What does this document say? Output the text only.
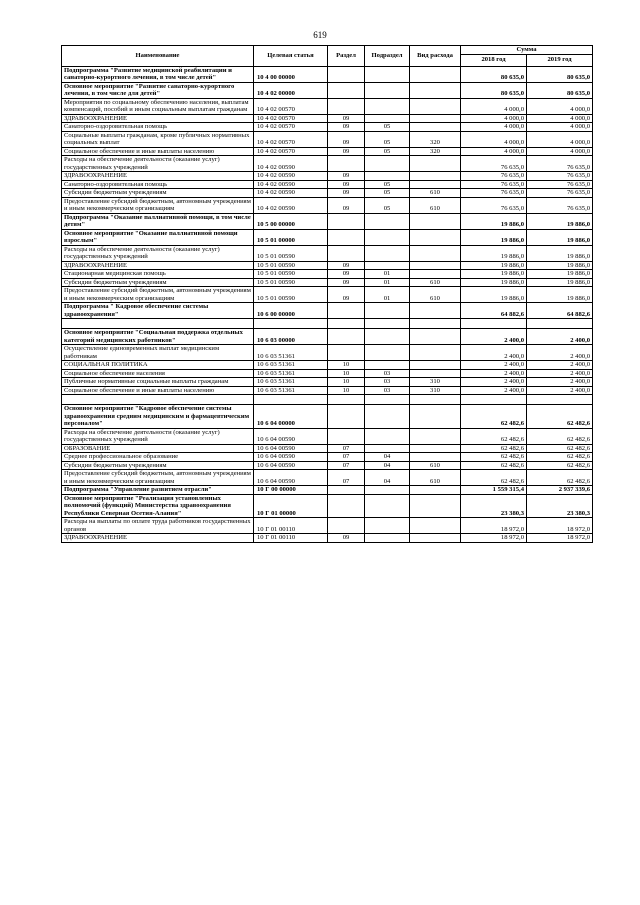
619
Наименование	Целевая статья	Раздел	Подраздел	Вид расхода	Сумма	
					2018 год	2019 год
Подпрограмма "Развитие медицинской реабилитации и санаторно-курортного лечения, в том числе детей"	10 4 00 00000				80 635,0	80 635,0
Основное мероприятие "Развитие санаторно-курортного лечения, в том числе для детей"	10 4 02 00000				80 635,0	80 635,0
Мероприятия по социальному обеспечению населения, выплатам компенсаций, пособий и иным социальным выплатам гражданам	10 4 02 00570				4 000,0	4 000,0
ЗДРАВООХРАНЕНИЕ	10 4 02 00570	09			4 000,0	4 000,0
Санаторно-оздоровительная помощь	10 4 02 00570	09	05		4 000,0	4 000,0
Социальные выплаты гражданам, кроме публичных нормативных социальных выплат	10 4 02 00570	09	05	320	4 000,0	4 000,0
Социальное обеспечение и иные выплаты населению	10 4 02 00570	09	05	320	4 000,0	4 000,0
Расходы на обеспечение деятельности (оказание услуг) государственных учреждений	10 4 02 00590				76 635,0	76 635,0
ЗДРАВООХРАНЕНИЕ	10 4 02 00590	09			76 635,0	76 635,0
Санаторно-оздоровительная помощь	10 4 02 00590	09	05		76 635,0	76 635,0
Субсидии бюджетным учреждениям	10 4 02 00590	09	05	610	76 635,0	76 635,0
Предоставление субсидий бюджетным, автономным учреждениям и иным некоммерческим организациям	10 4 02 00590	09	05	610	76 635,0	76 635,0
Подпрограмма "Оказание паллиативной помощи, в том числе детям"	10 5 00 00000				19 886,0	19 886,0
Основное мероприятие "Оказание паллиативной помощи взрослым"	10 5 01 00000				19 886,0	19 886,0
Расходы на обеспечение деятельности (оказание услуг) государственных учреждений	10 5 01 00590				19 886,0	19 886,0
ЗДРАВООХРАНЕНИЕ	10 5 01 00590	09			19 886,0	19 886,0
Стационарная медицинская помощь	10 5 01 00590	09	01		19 886,0	19 886,0
Субсидии бюджетным учреждениям	10 5 01 00590	09	01	610	19 886,0	19 886,0
Предоставление субсидий бюджетным, автономным учреждениям и иным некоммерческим организациям	10 5 01 00590	09	01	610	19 886,0	19 886,0
Подпрограмма " Кадровое обеспечение системы здравоохранения"	10 6 00 00000				64 882,6	64 882,6

Основное мероприятие "Социальная поддержка отдельных категорий медицинских работников"	10 6 03 00000				2 400,0	2 400,0
Осуществление единовременных выплат медицинским работникам	10 6 03 51361				2 400,0	2 400,0
СОЦИАЛЬНАЯ ПОЛИТИКА	10 6 03 51361	10			2 400,0	2 400,0
Социальное обеспечение населения	10 6 03 51361	10	03		2 400,0	2 400,0
Публичные нормативные социальные выплаты гражданам	10 6 03 51361	10	03	310	2 400,0	2 400,0
Социальное обеспечение и иные выплаты населению	10 6 03 51361	10	03	310	2 400,0	2 400,0

Основное мероприятие "Кадровое обеспечение системы здравоохранения средним медицинским и фармацевтическим персоналом"	10 6 04 00000				62 482,6	62 482,6
Расходы на обеспечение деятельности (оказание услуг) государственных учреждений	10 6 04 00590				62 482,6	62 482,6
ОБРАЗОВАНИЕ	10 6 04 00590	07			62 482,6	62 482,6
Среднее профессиональное образование	10 6 04 00590	07	04		62 482,6	62 482,6
Субсидии бюджетным учреждениям	10 6 04 00590	07	04	610	62 482,6	62 482,6
Предоставление субсидий бюджетным, автономным учреждениям и иным некоммерческим организациям	10 6 04 00590	07	04	610	62 482,6	62 482,6
Подпрограмма "Управление развитием отрасли"	10 Г 00 00000				1 559 315,4	2 937 339,6
Основное мероприятие "Реализация установленных полномочий (функций) Министерства здравоохранения Республики Северная Осетия-Алания"	10 Г 01 00000				23 380,3	23 380,3
Расходы на выплаты по оплате труда работников государственных органов	10 Г 01 00110				18 972,0	18 972,0
ЗДРАВООХРАНЕНИЕ	10 Г 01 00110	09			18 972,0	18 972,0
